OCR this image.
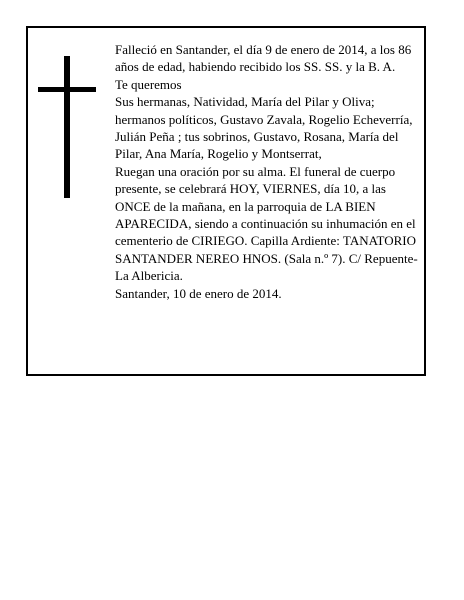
Falleció en Santander, el día 9 de enero de 2014, a los 86 años de edad, habiendo recibido los SS. SS. y la B. A.

Te queremos

Sus hermanas, Natividad, María del Pilar y Oliva; hermanos políticos, Gustavo Zavala, Rogelio Echeverría, Julián Peña ; tus sobrinos, Gustavo, Rosana, María del Pilar, Ana María, Rogelio y Montserrat,

Ruegan una oración por su alma. El funeral de cuerpo presente, se celebrará HOY, VIERNES, día 10, a las ONCE de la mañana, en la parroquia de LA BIEN APARECIDA, siendo a continuación su inhumación en el cementerio de CIRIEGO. Capilla Ardiente: TANATORIO SANTANDER NEREO HNOS. (Sala n.º 7). C/ Repuente-La Albericia.

Santander, 10 de enero de 2014.
